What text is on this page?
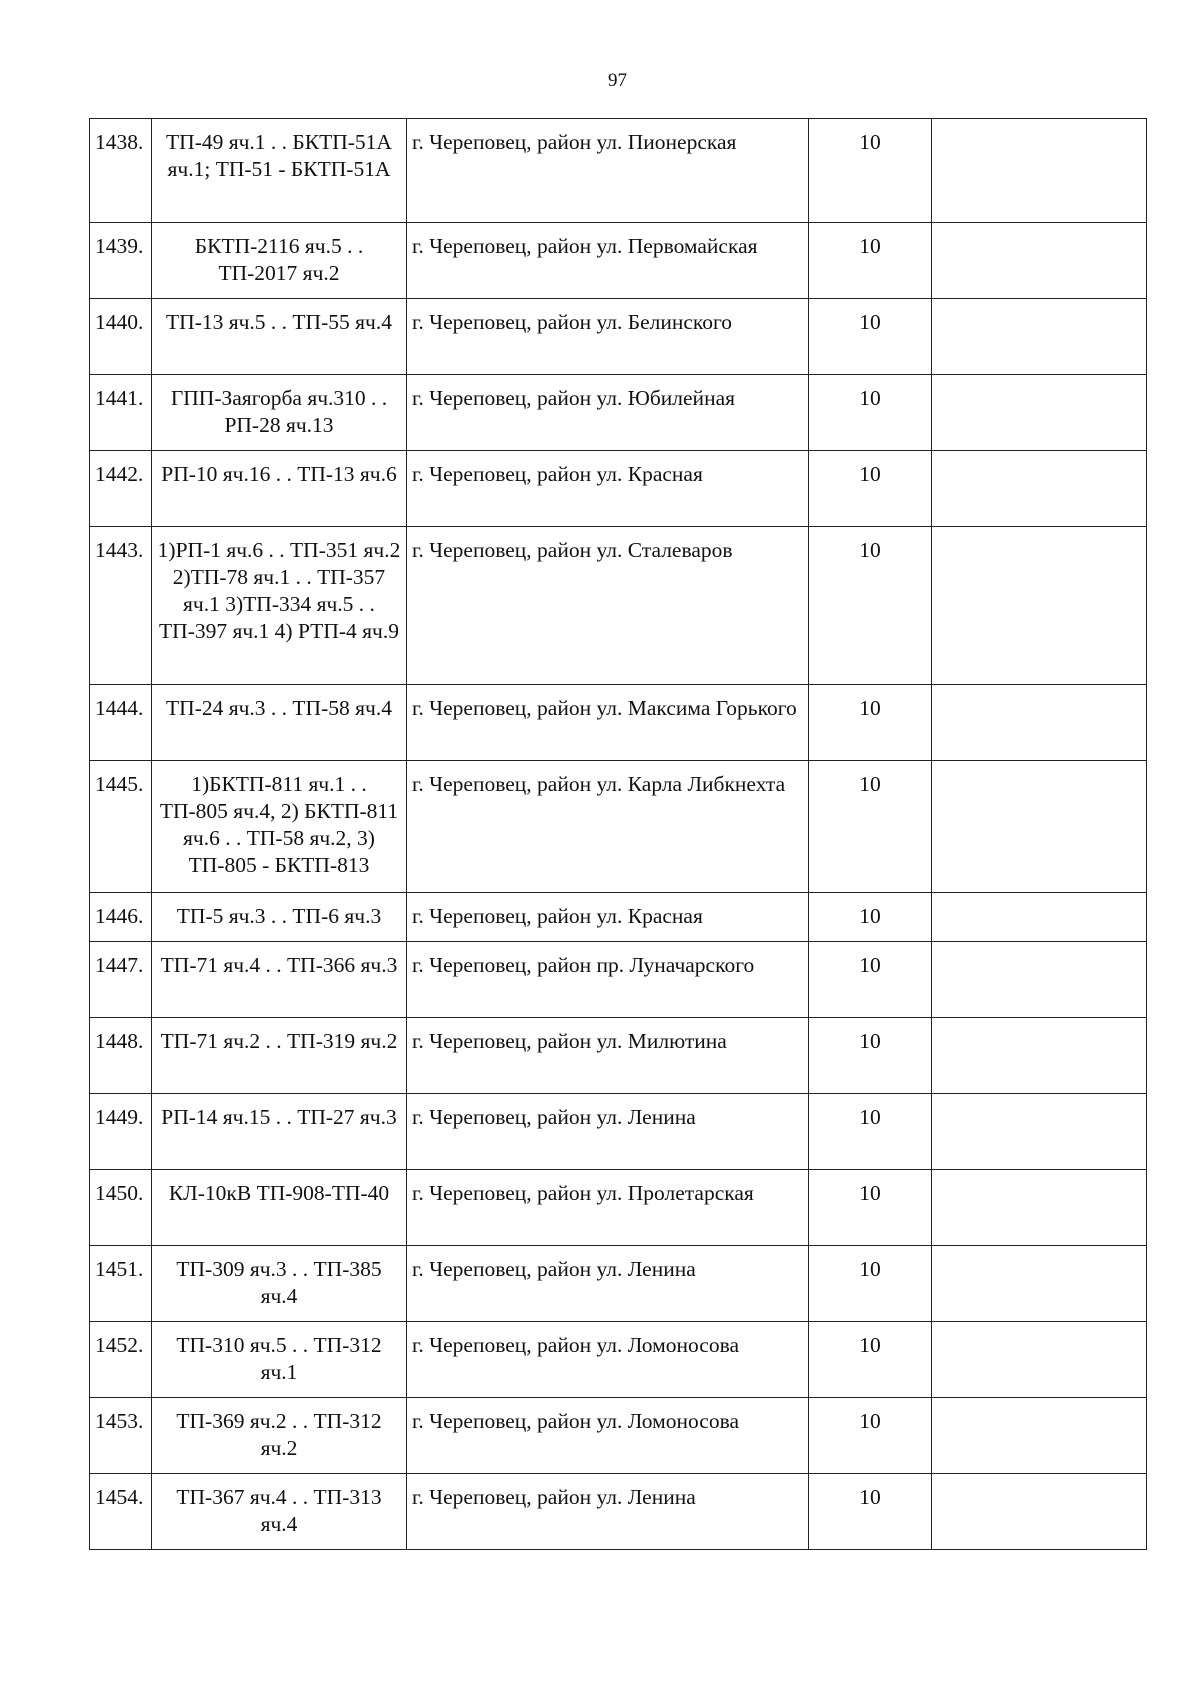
97
1438.	ТП-49 яч.1 . . БКТП-51А яч.1; ТП-51 - БКТП-51А	г. Череповец, район ул. Пионерская	10	
1439.	БКТП-2116 яч.5 . . ТП-2017 яч.2	г. Череповец, район ул. Первомайская	10	
1440.	ТП-13 яч.5 . . ТП-55 яч.4	г. Череповец, район ул. Белинского	10	
1441.	ГПП-Заягорба яч.310 . . РП-28 яч.13	г. Череповец, район ул. Юбилейная	10	
1442.	РП-10 яч.16 . . ТП-13 яч.6	г. Череповец, район ул. Красная	10	
1443.	1)РП-1 яч.6 . . ТП-351 яч.2 2)ТП-78 яч.1 . . ТП-357 яч.1 3)ТП-334 яч.5 . . ТП-397 яч.1 4) РТП-4 яч.9	г. Череповец, район ул. Сталеваров	10	
1444.	ТП-24 яч.3 . . ТП-58 яч.4	г. Череповец, район ул. Максима Горького	10	
1445.	1)БКТП-811 яч.1 . . ТП-805 яч.4, 2) БКТП-811 яч.6 . . ТП-58 яч.2, 3) ТП-805 - БКТП-813	г. Череповец, район ул. Карла Либкнехта	10	
1446.	ТП-5 яч.3 . . ТП-6 яч.3	г. Череповец, район ул. Красная	10	
1447.	ТП-71 яч.4 . . ТП-366 яч.3	г. Череповец, район пр. Луначарского	10	
1448.	ТП-71 яч.2 . . ТП-319 яч.2	г. Череповец, район ул. Милютина	10	
1449.	РП-14 яч.15 . . ТП-27 яч.3	г. Череповец, район ул. Ленина	10	
1450.	КЛ-10кВ ТП-908-ТП-40	г. Череповец, район ул. Пролетарская	10	
1451.	ТП-309 яч.3 . . ТП-385 яч.4	г. Череповец, район ул. Ленина	10	
1452.	ТП-310 яч.5 . . ТП-312 яч.1	г. Череповец, район ул. Ломоносова	10	
1453.	ТП-369 яч.2 . . ТП-312 яч.2	г. Череповец, район ул. Ломоносова	10	
1454.	ТП-367 яч.4 . . ТП-313 яч.4	г. Череповец, район ул. Ленина	10	
